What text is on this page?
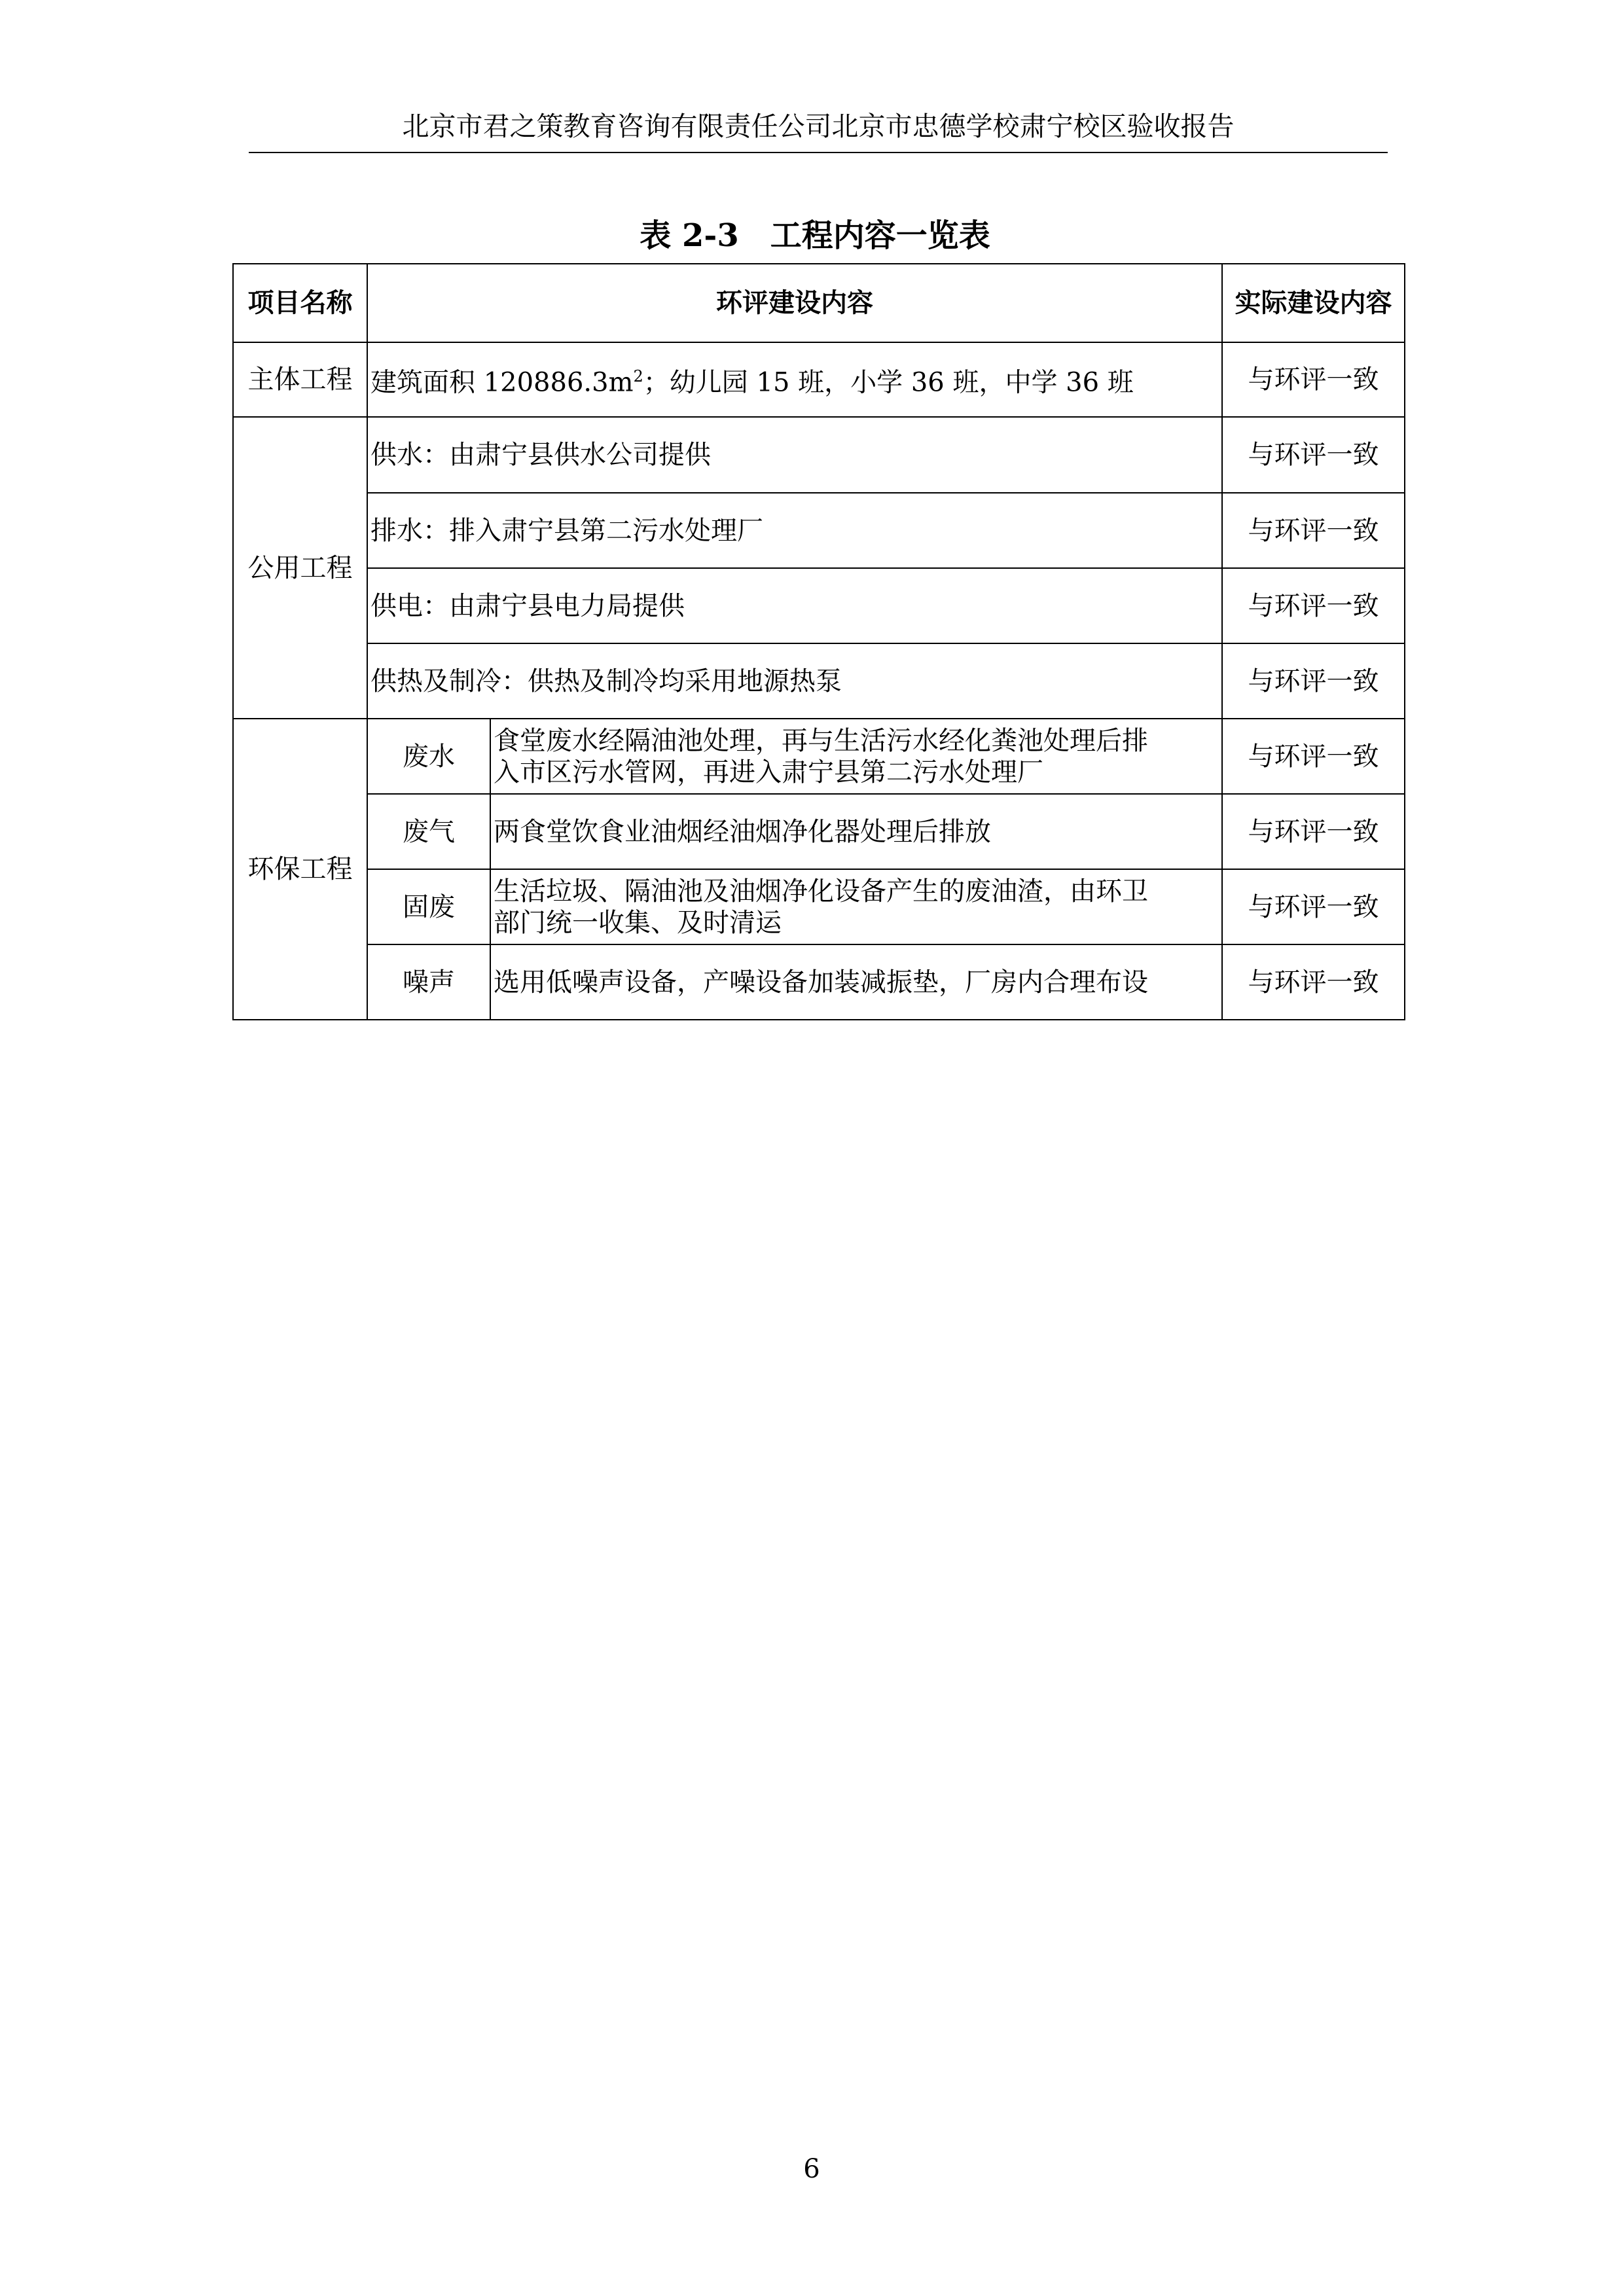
北京市君之策教育咨询有限责任公司北京市忠德学校肃宁校区验收报告
表 2-3　工程内容一览表
项目名称	环评建设内容		实际建设内容
主体工程	建筑面积 $120886.3m^2$；幼儿园 15 班，小学 36 班，中学 36 班		与环评一致
公用工程	供水：由肃宁县供水公司提供		与环评一致
	排水：排入肃宁县第二污水处理厂		与环评一致
	供电：由肃宁县电力局提供		与环评一致
	供热及制冷：供热及制冷均采用地源热泵		与环评一致
环保工程	废水	食堂废水经隔油池处理，再与生活污水经化粪池处理后排
入市区污水管网，再进入肃宁县第二污水处理厂	与环评一致
	废气	两食堂饮食业油烟经油烟净化器处理后排放	与环评一致
	固废	生活垃圾、隔油池及油烟净化设备产生的废油渣，由环卫
部门统一收集、及时清运	与环评一致
	噪声	选用低噪声设备，产噪设备加装减振垫，厂房内合理布设	与环评一致
6
